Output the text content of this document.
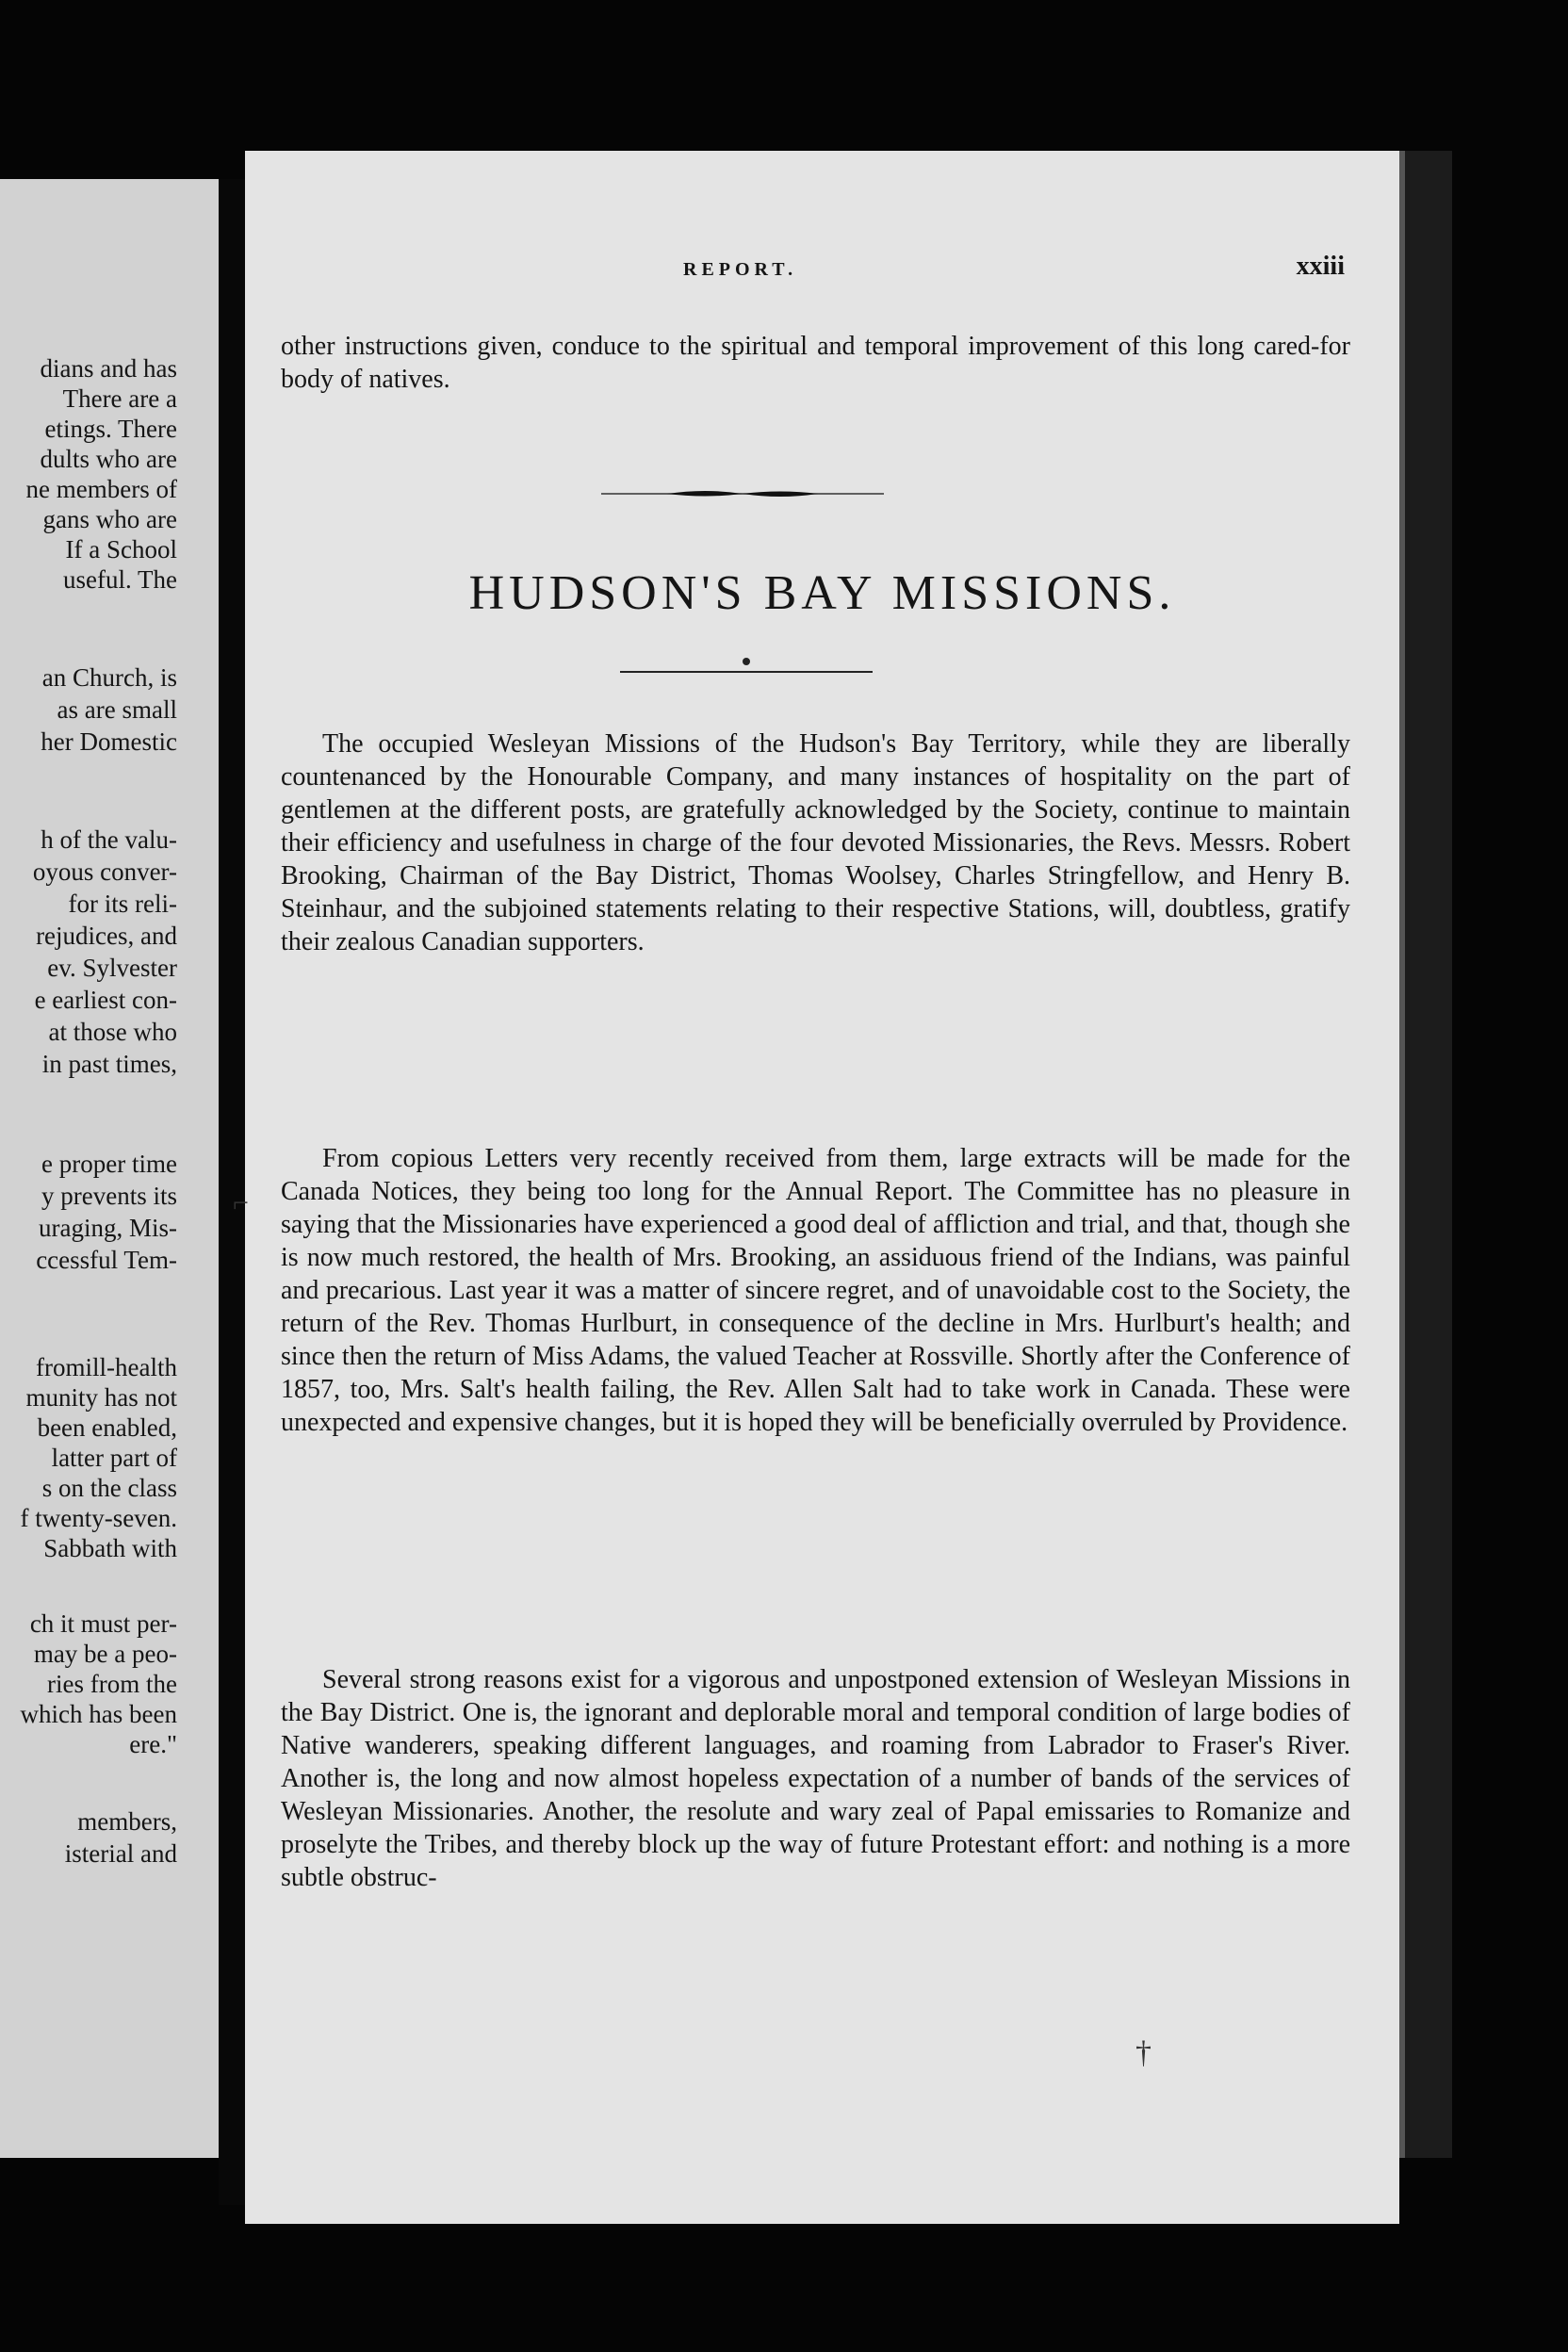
dians and has
There are a
etings. There
dults who are
ne members of
gans who are
If a School
useful. The
an Church, is
as are small
her Domestic
h of the valu-
oyous conver-
for its reli-
rejudices, and
ev. Sylvester
e earliest con-
at those who
in past times,
e proper time
y prevents its
uraging, Mis-
ccessful Tem-
fromill-health
munity has not
been enabled,
latter part of
s on the class
f twenty-seven.
Sabbath with
ch it must per-
may be a peo-
ries from the
which has been
ere."
members,
isterial and
REPORT.	xxiii
other instructions given, conduce to the spiritual and temporal improvement of this long cared-for body of natives.
HUDSON'S BAY MISSIONS.

The occupied Wesleyan Missions of the Hudson's Bay Territory, while they are liberally countenanced by the Honourable Company, and many instances of hospitality on the part of gentlemen at the different posts, are gratefully acknowledged by the Society, continue to maintain their efficiency and usefulness in charge of the four devoted Missionaries, the Revs. Messrs. Robert Brooking, Chairman of the Bay District, Thomas Woolsey, Charles Stringfellow, and Henry B. Steinhaur, and the subjoined statements relating to their respective Stations, will, doubtless, gratify their zealous Canadian supporters.

From copious Letters very recently received from them, large extracts will be made for the Canada Notices, they being too long for the Annual Report. The Committee has no pleasure in saying that the Missionaries have experienced a good deal of affliction and trial, and that, though she is now much restored, the health of Mrs. Brooking, an assiduous friend of the Indians, was painful and precarious. Last year it was a matter of sincere regret, and of unavoidable cost to the Society, the return of the Rev. Thomas Hurlburt, in consequence of the decline in Mrs. Hurlburt's health; and since then the return of Miss Adams, the valued Teacher at Rossville. Shortly after the Conference of 1857, too, Mrs. Salt's health failing, the Rev. Allen Salt had to take work in Canada. These were unexpected and expensive changes, but it is hoped they will be beneficially overruled by Providence.

Several strong reasons exist for a vigorous and unpostponed extension of Wesleyan Missions in the Bay District. One is, the ignorant and deplorable moral and temporal condition of large bodies of Native wanderers, speaking different languages, and roaming from Labrador to Fraser's River. Another is, the long and now almost hopeless expectation of a number of bands of the services of Wesleyan Missionaries. Another, the resolute and wary zeal of Papal emissaries to Romanize and proselyte the Tribes, and thereby block up the way of future Protestant effort: and nothing is a more subtle obstruc-

⌐
†
